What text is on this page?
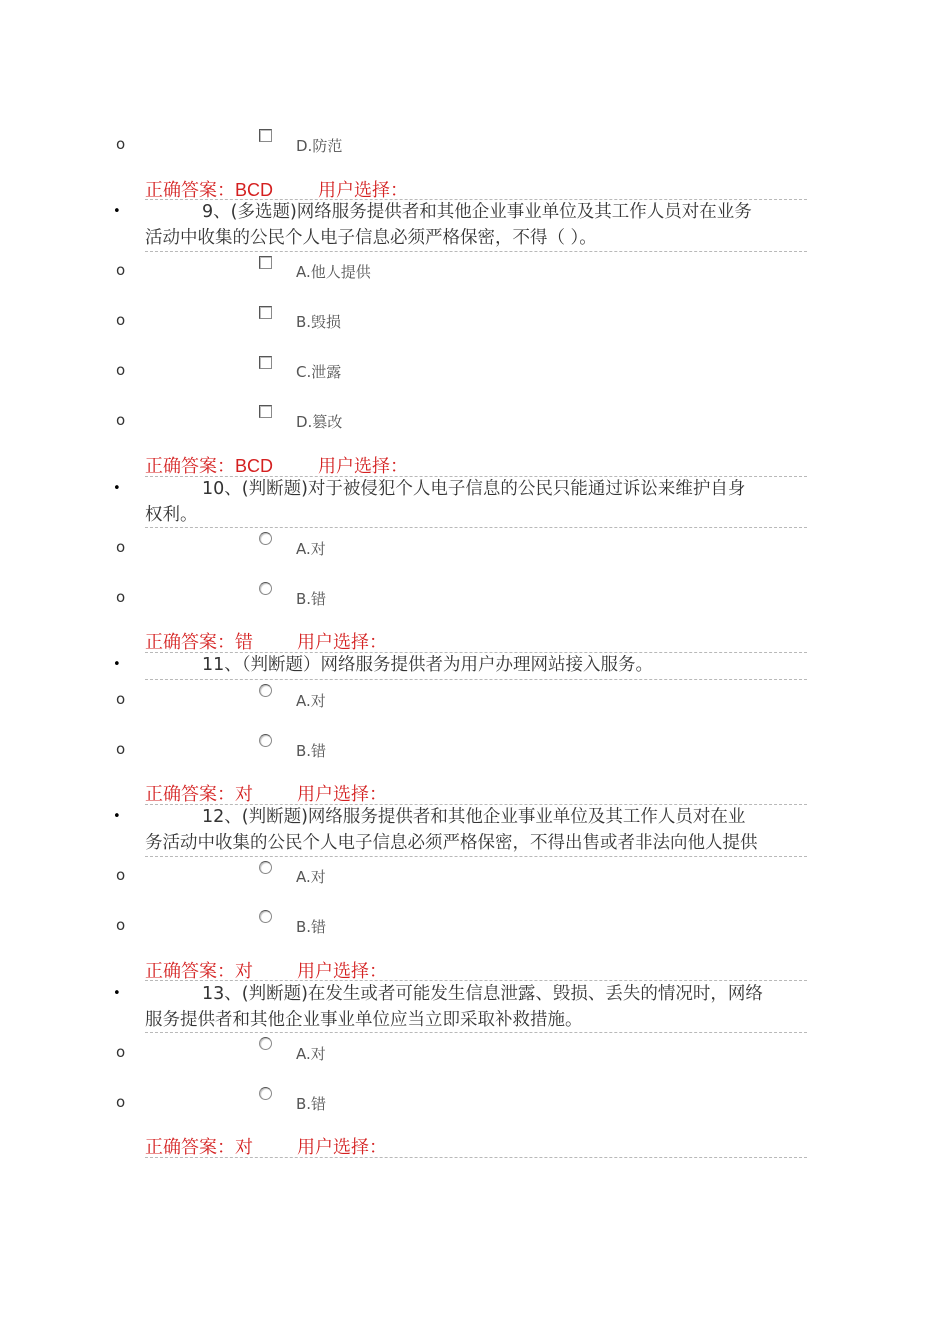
o	D.防范
正确答案：BCD 用户选择：
•	9、(多选题)网络服务提供者和其他企业事业单位及其工作人员对在业务
活动中收集的公民个人电子信息必须严格保密，不得（ ）。
o	A.他人提供
o	B.毁损
o	C.泄露
o	D.篡改
正确答案：BCD 用户选择：
•	10、(判断题)对于被侵犯个人电子信息的公民只能通过诉讼来维护自身
权利。
o	A.对
o	B.错
正确答案：错 用户选择：
•	11、（判断题）网络服务提供者为用户办理网站接入服务。
o	A.对
o	B.错
正确答案：对 用户选择：
•	12、(判断题)网络服务提供者和其他企业事业单位及其工作人员对在业
务活动中收集的公民个人电子信息必须严格保密，不得出售或者非法向他人提供
o	A.对
o	B.错
正确答案：对 用户选择：
•	13、(判断题)在发生或者可能发生信息泄露、毁损、丢失的情况时，网络
服务提供者和其他企业事业单位应当立即采取补救措施。
o	A.对
o	B.错
正确答案：对 用户选择：
